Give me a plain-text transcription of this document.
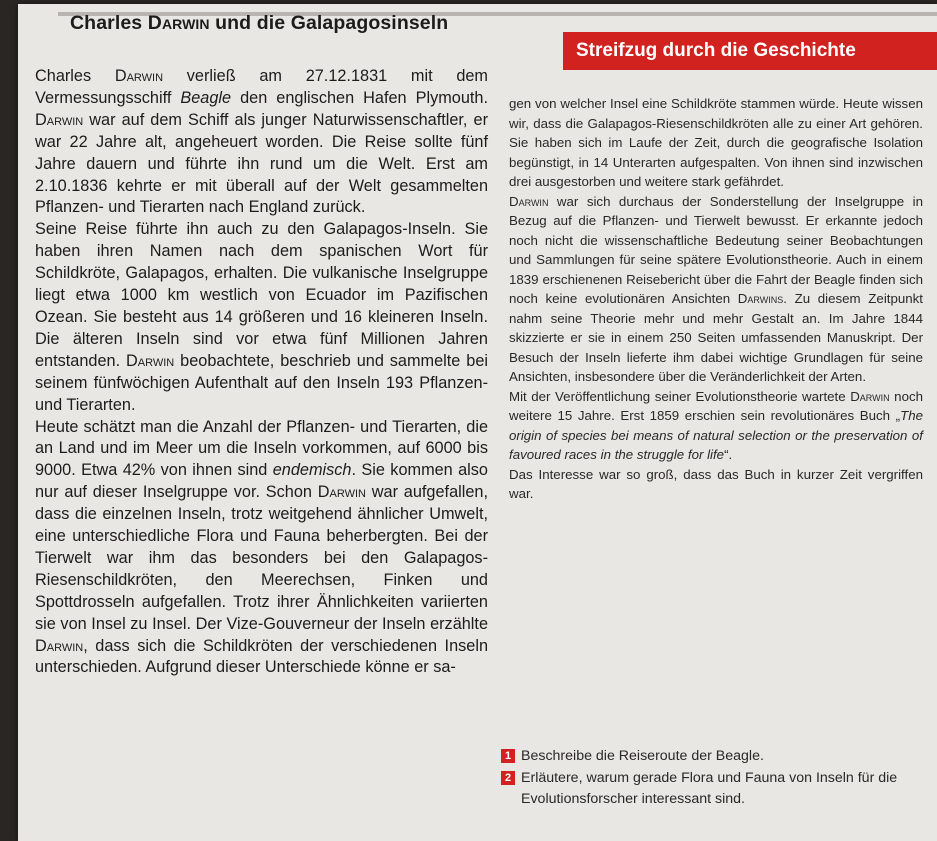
Charles Darwin und die Galapagosinseln
Streifzug durch die Geschichte

Charles Darwin verließ am 27.12.1831 mit dem Vermessungsschiff Beagle den englischen Hafen Plymouth. Darwin war auf dem Schiff als junger Naturwissenschaftler, er war 22 Jahre alt, angeheuert worden. Die Reise sollte fünf Jahre dauern und führte ihn rund um die Welt. Erst am 2.10.1836 kehrte er mit überall auf der Welt gesammelten Pflanzen- und Tierarten nach England zurück.

Seine Reise führte ihn auch zu den Galapagos-Inseln. Sie haben ihren Namen nach dem spanischen Wort für Schildkröte, Galapagos, erhalten. Die vulkanische Inselgruppe liegt etwa 1000 km westlich von Ecuador im Pazifischen Ozean. Sie besteht aus 14 größeren und 16 kleineren Inseln. Die älteren Inseln sind vor etwa fünf Millionen Jahren entstanden. Darwin beobachtete, beschrieb und sammelte bei seinem fünfwöchigen Aufenthalt auf den Inseln 193 Pflanzen- und Tierarten.

Heute schätzt man die Anzahl der Pflanzen- und Tierarten, die an Land und im Meer um die Inseln vorkommen, auf 6000 bis 9000. Etwa 42% von ihnen sind endemisch. Sie kommen also nur auf dieser Inselgruppe vor. Schon Darwin war aufgefallen, dass die einzelnen Inseln, trotz weitgehend ähnlicher Umwelt, eine unterschiedliche Flora und Fauna beherbergten. Bei der Tierwelt war ihm das besonders bei den Galapagos-Riesenschildkröten, den Meerechsen, Finken und Spottdrosseln aufgefallen. Trotz ihrer Ähnlichkeiten variierten sie von Insel zu Insel. Der Vize-Gouverneur der Inseln erzählte Darwin, dass sich die Schildkröten der verschiedenen Inseln unterschieden. Aufgrund dieser Unterschiede könne er sa-

gen von welcher Insel eine Schildkröte stammen würde. Heute wissen wir, dass die Galapagos-Riesenschildkröten alle zu einer Art gehören. Sie haben sich im Laufe der Zeit, durch die geografische Isolation begünstigt, in 14 Unterarten aufgespalten. Von ihnen sind inzwischen drei ausgestorben und weitere stark gefährdet.

Darwin war sich durchaus der Sonderstellung der Inselgruppe in Bezug auf die Pflanzen- und Tierwelt bewusst. Er erkannte jedoch noch nicht die wissenschaftliche Bedeutung seiner Beobachtungen und Sammlungen für seine spätere Evolutionstheorie. Auch in einem 1839 erschienenen Reisebericht über die Fahrt der Beagle finden sich noch keine evolutionären Ansichten Darwins. Zu diesem Zeitpunkt nahm seine Theorie mehr und mehr Gestalt an. Im Jahre 1844 skizzierte er sie in einem 250 Seiten umfassenden Manuskript. Der Besuch der Inseln lieferte ihm dabei wichtige Grundlagen für seine Ansichten, insbesondere über die Veränderlichkeit der Arten.

Mit der Veröffentlichung seiner Evolutionstheorie wartete Darwin noch weitere 15 Jahre. Erst 1859 erschien sein revolutionäres Buch „The origin of species bei means of natural selection or the preservation of favoured races in the struggle for life“.

Das Interesse war so groß, dass das Buch in kurzer Zeit vergriffen war.

1 Beschreibe die Reiseroute der Beagle.
2 Erläutere, warum gerade Flora und Fauna von Inseln für die Evolutionsforscher interessant sind.
